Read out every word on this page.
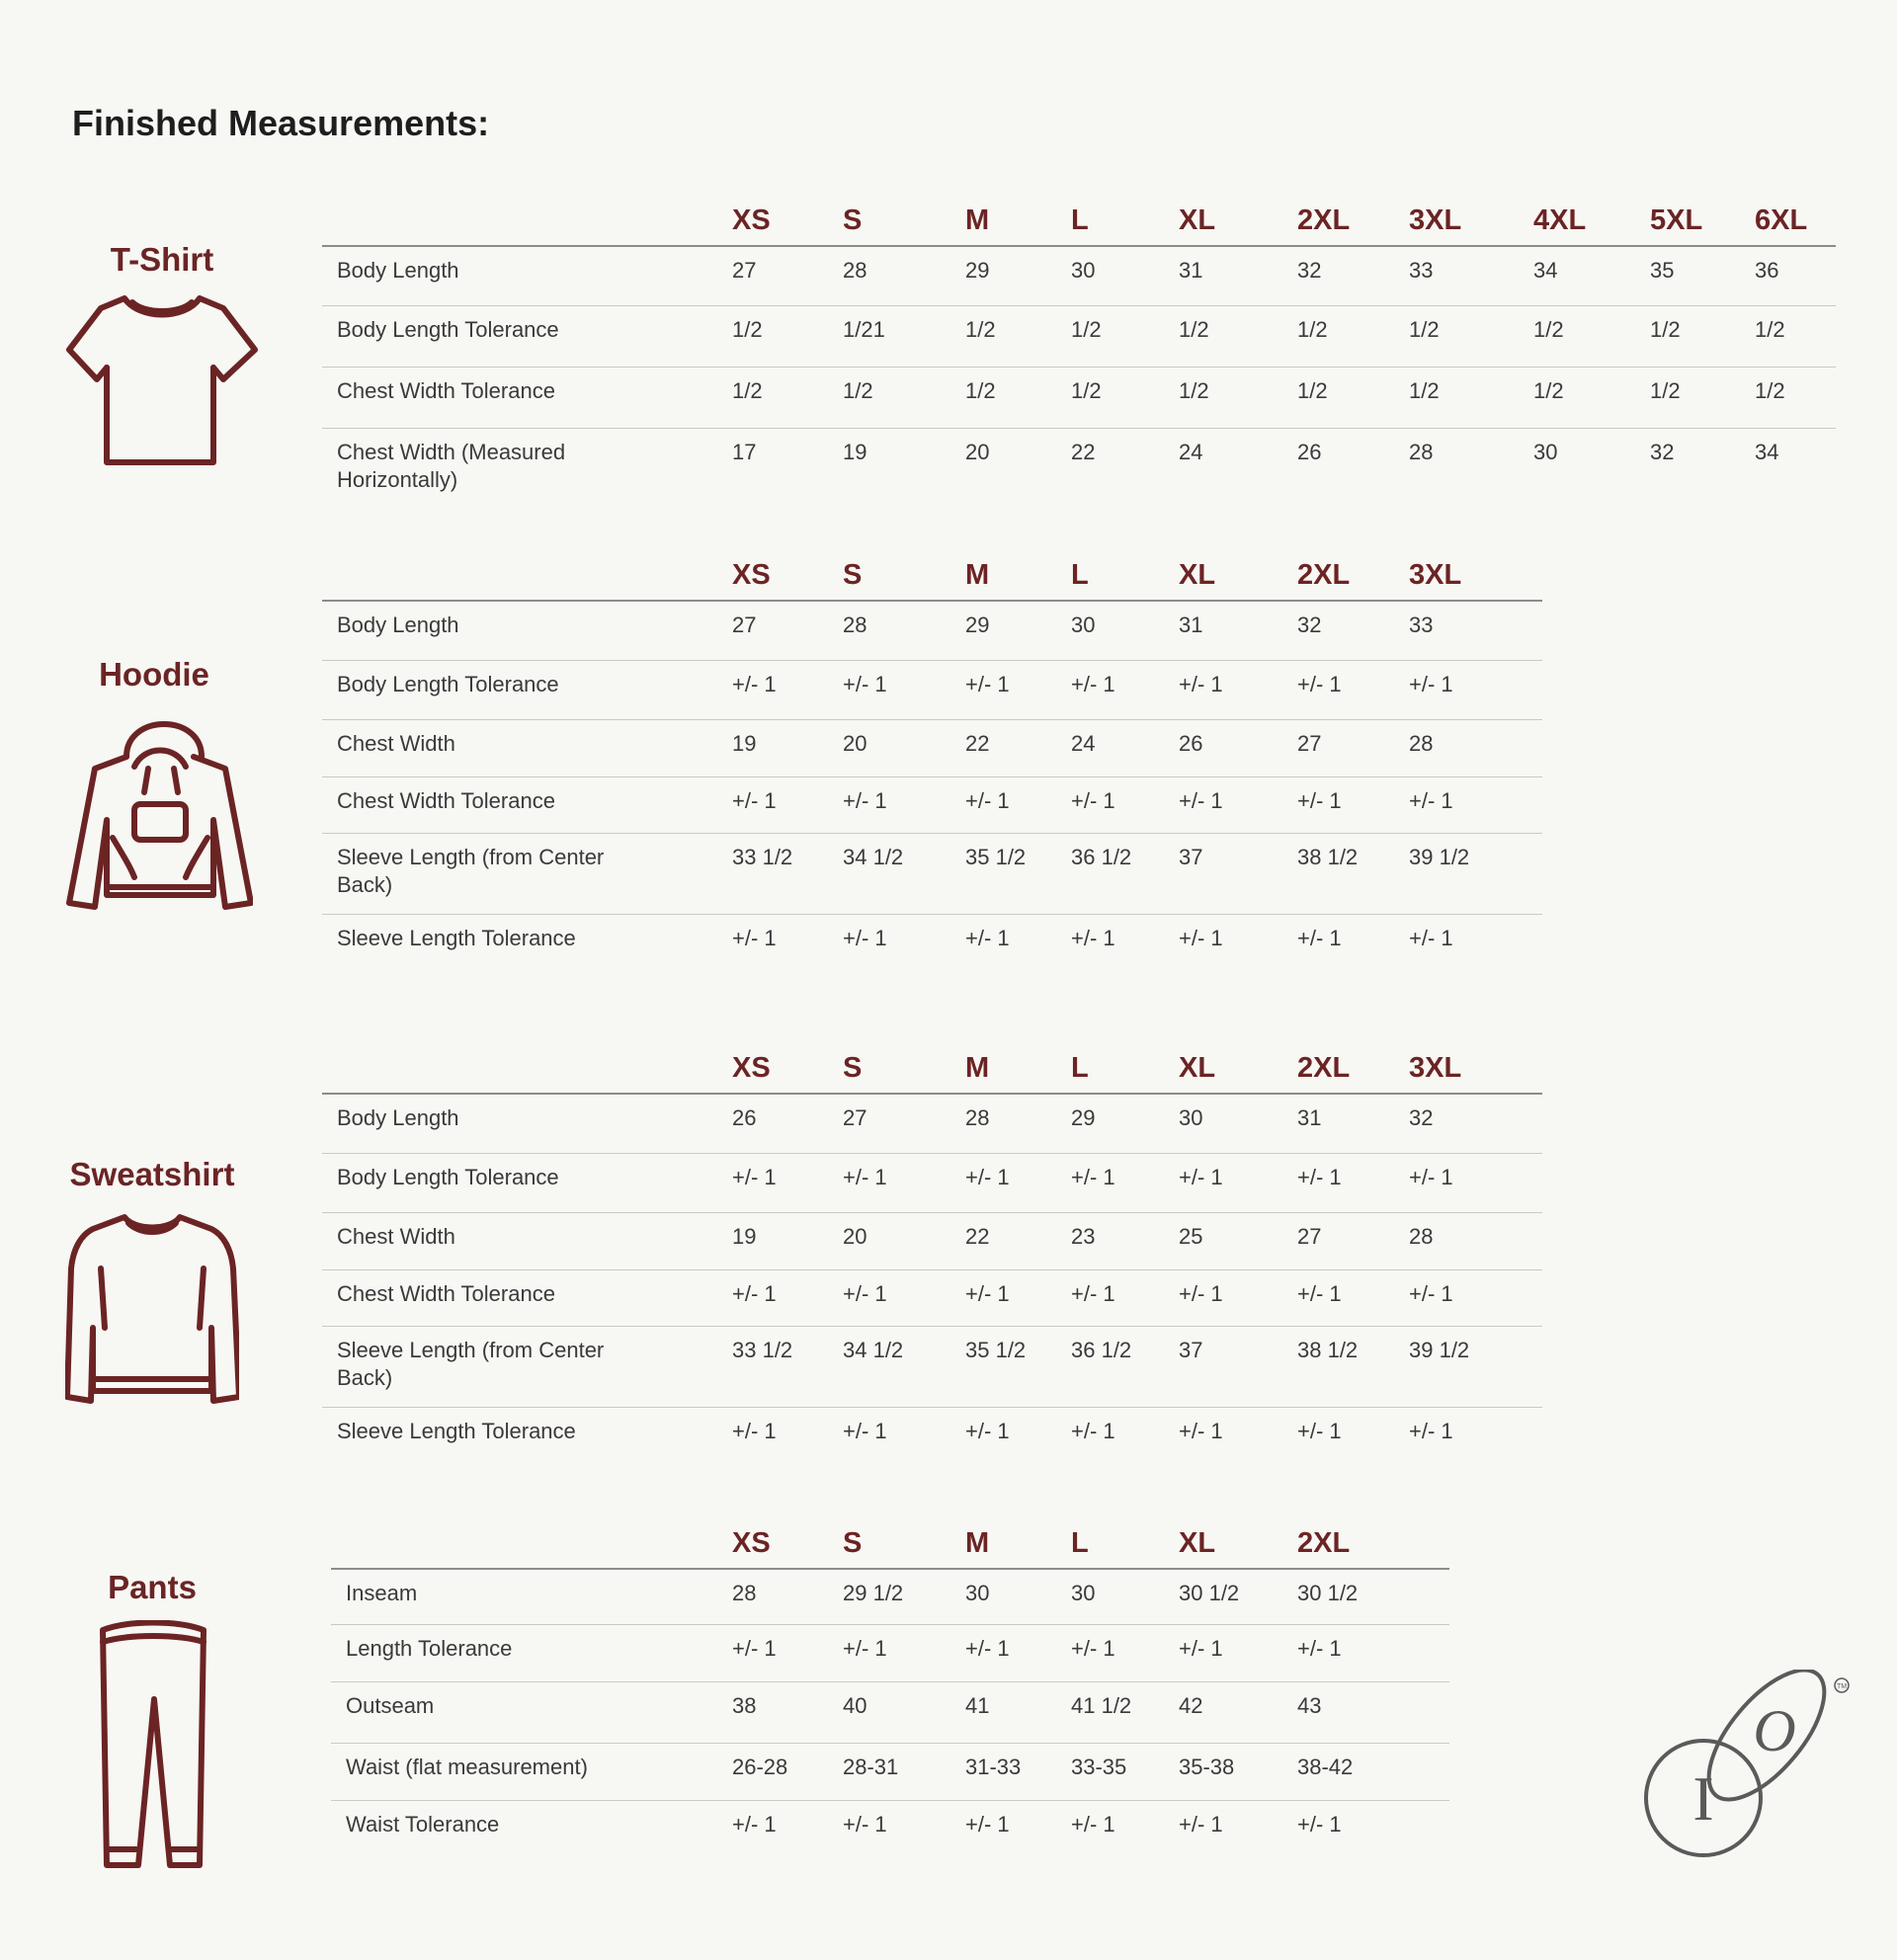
Finished Measurements:
T-Shirt
	XS	S	M	L	XL	2XL	3XL	4XL	5XL	6XL
Body Length	27	28	29	30	31	32	33	34	35	36
Body Length Tolerance	1/2	1/21	1/2	1/2	1/2	1/2	1/2	1/2	1/2	1/2
Chest Width Tolerance	1/2	1/2	1/2	1/2	1/2	1/2	1/2	1/2	1/2	1/2
Chest Width (Measured Horizontally)	17	19	20	22	24	26	28	30	32	34
Hoodie
	XS	S	M	L	XL	2XL	3XL
Body Length	27	28	29	30	31	32	33
Body Length Tolerance	+/- 1	+/- 1	+/- 1	+/- 1	+/- 1	+/- 1	+/- 1
Chest Width	19	20	22	24	26	27	28
Chest Width Tolerance	+/- 1	+/- 1	+/- 1	+/- 1	+/- 1	+/- 1	+/- 1
Sleeve Length (from Center Back)	33 1/2	34 1/2	35 1/2	36 1/2	37	38 1/2	39 1/2
Sleeve Length Tolerance	+/- 1	+/- 1	+/- 1	+/- 1	+/- 1	+/- 1	+/- 1
Sweatshirt
	XS	S	M	L	XL	2XL	3XL
Body Length	26	27	28	29	30	31	32
Body Length Tolerance	+/- 1	+/- 1	+/- 1	+/- 1	+/- 1	+/- 1	+/- 1
Chest Width	19	20	22	23	25	27	28
Chest Width Tolerance	+/- 1	+/- 1	+/- 1	+/- 1	+/- 1	+/- 1	+/- 1
Sleeve Length (from Center Back)	33 1/2	34 1/2	35 1/2	36 1/2	37	38 1/2	39 1/2
Sleeve Length Tolerance	+/- 1	+/- 1	+/- 1	+/- 1	+/- 1	+/- 1	+/- 1
Pants
	XS	S	M	L	XL	2XL
Inseam	28	29 1/2	30	30	30 1/2	30 1/2
Length Tolerance	+/- 1	+/- 1	+/- 1	+/- 1	+/- 1	+/- 1
Outseam	38	40	41	41 1/2	42	43
Waist (flat measurement)	26-28	28-31	31-33	33-35	35-38	38-42
Waist Tolerance	+/- 1	+/- 1	+/- 1	+/- 1	+/- 1	+/- 1	I
O
TM
